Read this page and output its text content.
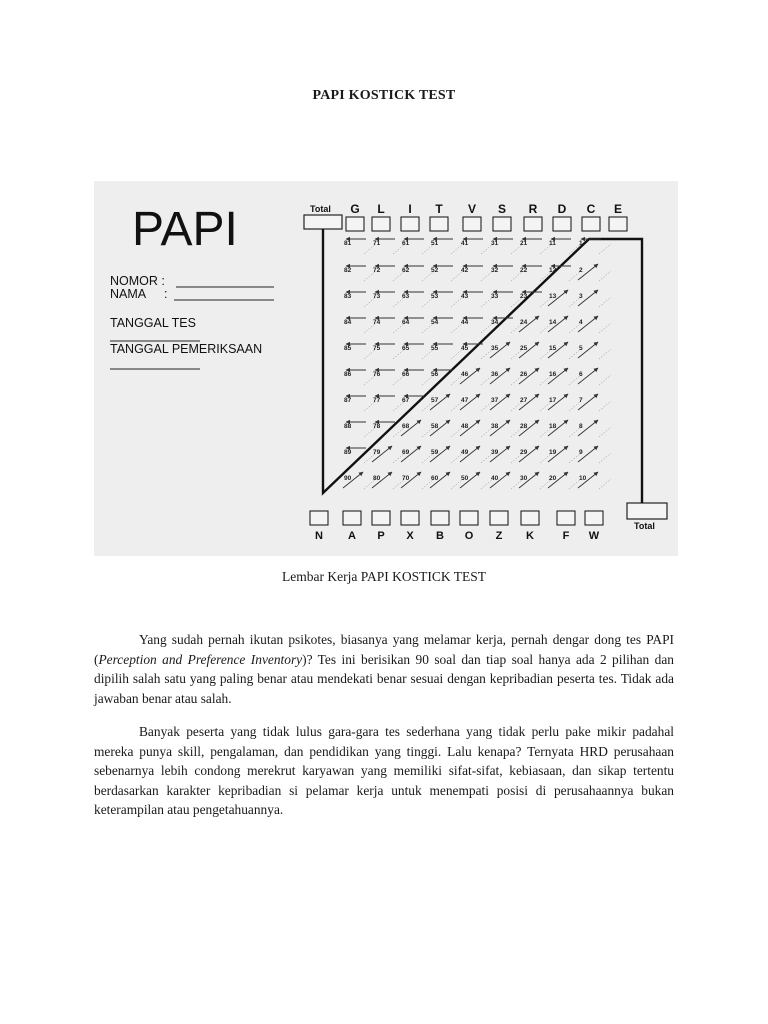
PAPI KOSTICK TEST
PAPI
NOMOR :
NAMA :
TANGGAL TES
TANGGAL PEMERIKSAAN
Total
Total
81	71	61	51	41	31	21	11	1
82	72	62	52	42	32	22	12	2
83	73	63	53	43	33	23	13	3
84	74	64	54	44	34	24	14	4
85	75	65	55	45	35	25	15	5
86	76	66	56	46	36	26	16	6
87	77	67	57	47	37	27	17	7
88	78	68	58	48	38	28	18	8
89	79	69	59	49	39	29	19	9
90	80	70	60	50	40	30	20	10
G L I T V S R D C E
N A P X B O Z K	F W
Lembar Kerja PAPI KOSTICK TEST

Yang sudah pernah ikutan psikotes, biasanya yang melamar kerja, pernah dengar dong tes PAPI (Perception and Preference Inventory)? Tes ini berisikan 90 soal dan tiap soal hanya ada 2 pilihan dan dipilih salah satu yang paling benar atau mendekati benar sesuai dengan kepribadian peserta tes. Tidak ada jawaban benar atau salah.

Banyak peserta yang tidak lulus gara-gara tes sederhana yang tidak perlu pake mikir padahal mereka punya skill, pengalaman, dan pendidikan yang tinggi. Lalu kenapa? Ternyata HRD perusahaan sebenarnya lebih condong merekrut karyawan yang memiliki sifat-sifat, kebiasaan, dan sikap tertentu berdasarkan karakter kepribadian si pelamar kerja untuk menempati posisi di perusahaannya bukan keterampilan atau pengetahuannya.
